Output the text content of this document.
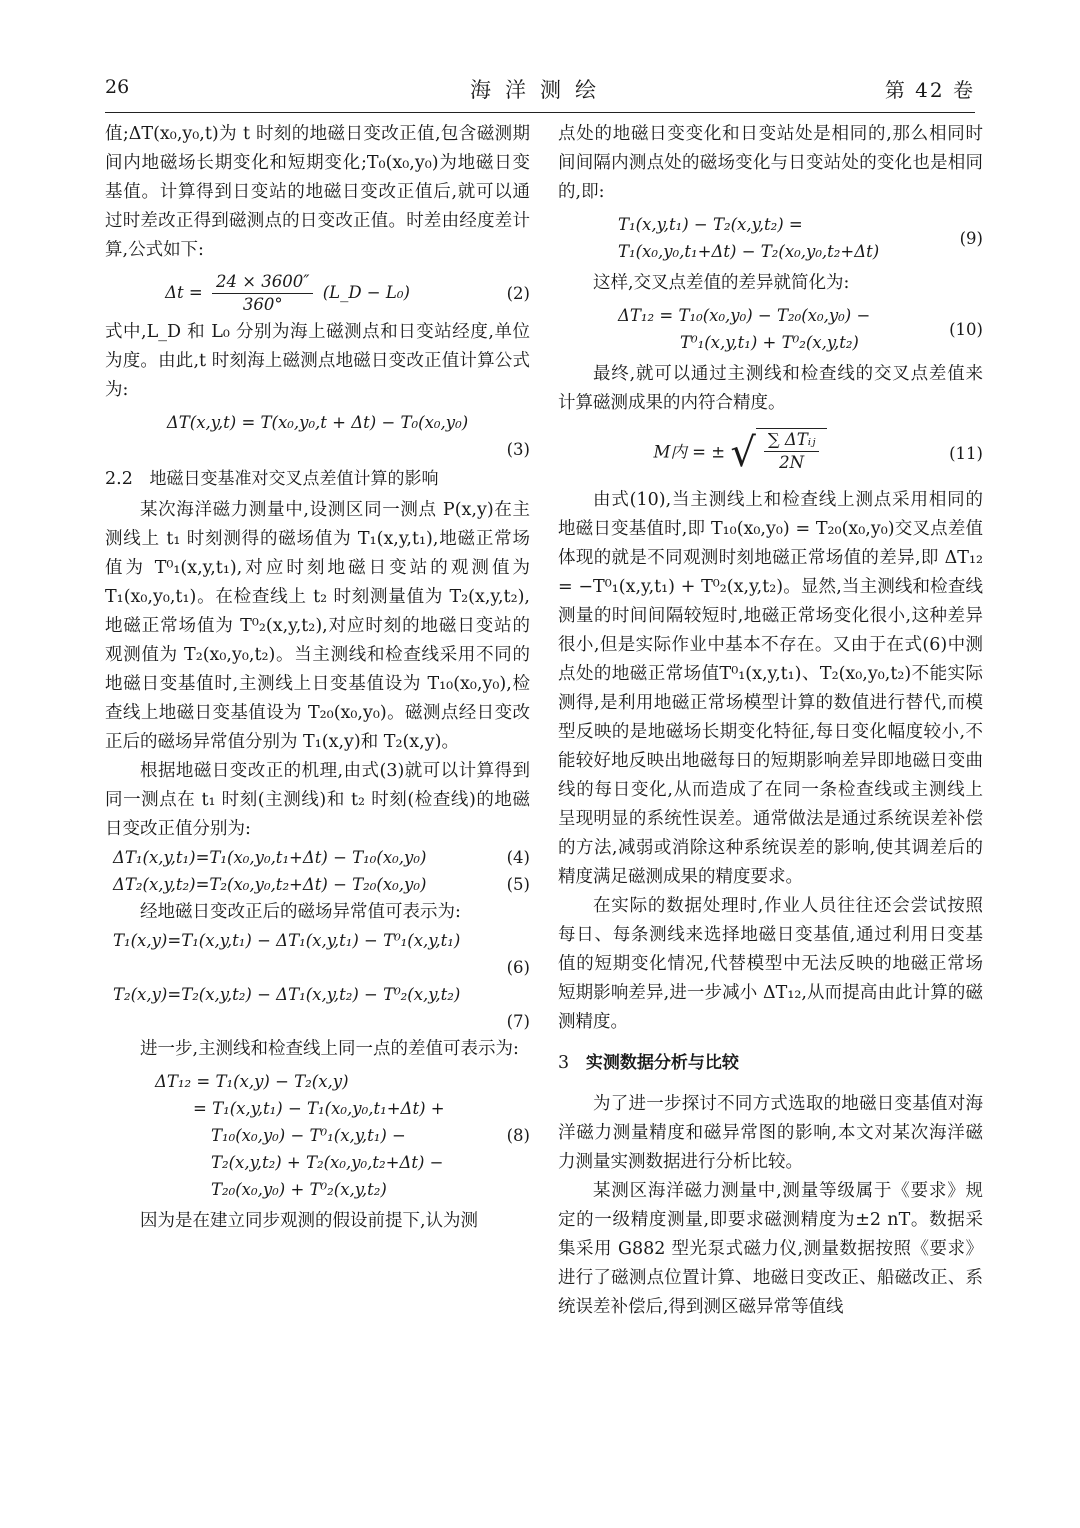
26	海洋测绘	第 42 卷

值;ΔT(x₀,y₀,t)为 t 时刻的地磁日变改正值,包含磁测期间内地磁场长期变化和短期变化;T₀(x₀,y₀)为地磁日变基值。计算得到日变站的地磁日变改正值后,就可以通过时差改正得到磁测点的日变改正值。时差由经度差计算,公式如下:

$\Delta t = \frac{24 \times 3600''}{360^\circ}$ (L_D − L₀)	(2)

式中,L_D 和 L₀ 分别为海上磁测点和日变站经度,单位为度。由此,t 时刻海上磁测点地磁日变改正值计算公式为:

ΔT(x,y,t) = T(x₀,y₀,t + Δt) − T₀(x₀,y₀)
(3)
2.2 地磁日变基准对交叉点差值计算的影响

某次海洋磁力测量中,设测区同一测点 P(x,y)在主测线上 t₁ 时刻测得的磁场值为 T₁(x,y,t₁),地磁正常场值为 T⁰₁(x,y,t₁),对应时刻地磁日变站的观测值为 T₁(x₀,y₀,t₁)。在检查线上 t₂ 时刻测量值为 T₂(x,y,t₂),地磁正常场值为 T⁰₂(x,y,t₂),对应时刻的地磁日变站的观测值为 T₂(x₀,y₀,t₂)。当主测线和检查线采用不同的地磁日变基值时,主测线上日变基值设为 T₁₀(x₀,y₀),检查线上地磁日变基值设为 T₂₀(x₀,y₀)。磁测点经日变改正后的磁场异常值分别为 T₁(x,y)和 T₂(x,y)。

根据地磁日变改正的机理,由式(3)就可以计算得到同一测点在 t₁ 时刻(主测线)和 t₂ 时刻(检查线)的地磁日变改正值分别为:

ΔT₁(x,y,t₁)=T₁(x₀,y₀,t₁+Δt) − T₁₀(x₀,y₀)	(4)
ΔT₂(x,y,t₂)=T₂(x₀,y₀,t₂+Δt) − T₂₀(x₀,y₀)	(5)

经地磁日变改正后的磁场异常值可表示为:

T₁(x,y)=T₁(x,y,t₁) − ΔT₁(x,y,t₁) − T⁰₁(x,y,t₁)
(6)
T₂(x,y)=T₂(x,y,t₂) − ΔT₁(x,y,t₂) − T⁰₂(x,y,t₂)
(7)

进一步,主测线和检查线上同一点的差值可表示为:

ΔT₁₂ = T₁(x,y) − T₂(x,y)
= T₁(x,y,t₁) − T₁(x₀,y₀,t₁+Δt) +
T₁₀(x₀,y₀) − T⁰₁(x,y,t₁) −
T₂(x,y,t₂) + T₂(x₀,y₀,t₂+Δt) −
T₂₀(x₀,y₀) + T⁰₂(x,y,t₂)
(8)

因为是在建立同步观测的假设前提下,认为测

点处的地磁日变变化和日变站处是相同的,那么相同时间间隔内测点处的磁场变化与日变站处的变化也是相同的,即:

T₁(x,y,t₁) − T₂(x,y,t₂) =
T₁(x₀,y₀,t₁+Δt) − T₂(x₀,y₀,t₂+Δt)
(9)

这样,交叉点差值的差异就简化为:

ΔT₁₂ = T₁₀(x₀,y₀) − T₂₀(x₀,y₀) −
T⁰₁(x,y,t₁) + T⁰₂(x,y,t₂)
(10)

最终,就可以通过主测线和检查线的交叉点差值来计算磁测成果的内符合精度。

M内 = ± √ $\frac{\text{∑ ΔTᵢⱼ}}{2N}$	(11)

由式(10),当主测线上和检查线上测点采用相同的地磁日变基值时,即 T₁₀(x₀,y₀) = T₂₀(x₀,y₀)交叉点差值体现的就是不同观测时刻地磁正常场值的差异,即 ΔT₁₂ = −T⁰₁(x,y,t₁) + T⁰₂(x,y,t₂)。显然,当主测线和检查线测量的时间间隔较短时,地磁正常场变化很小,这种差异很小,但是实际作业中基本不存在。又由于在式(6)中测点处的地磁正常场值T⁰₁(x,y,t₁)、T₂(x₀,y₀,t₂)不能实际测得,是利用地磁正常场模型计算的数值进行替代,而模型反映的是地磁场长期变化特征,每日变化幅度较小,不能较好地反映出地磁每日的短期影响差异即地磁日变曲线的每日变化,从而造成了在同一条检查线或主测线上呈现明显的系统性误差。通常做法是通过系统误差补偿的方法,减弱或消除这种系统误差的影响,使其调差后的精度满足磁测成果的精度要求。

在实际的数据处理时,作业人员往往还会尝试按照每日、每条测线来选择地磁日变基值,通过利用日变基值的短期变化情况,代替模型中无法反映的地磁正常场短期影响差异,进一步减小 ΔT₁₂,从而提高由此计算的磁测精度。

3 实测数据分析与比较

为了进一步探讨不同方式选取的地磁日变基值对海洋磁力测量精度和磁异常图的影响,本文对某次海洋磁力测量实测数据进行分析比较。

某测区海洋磁力测量中,测量等级属于《要求》规定的一级精度测量,即要求磁测精度为±2 nT。数据采集采用 G882 型光泵式磁力仪,测量数据按照《要求》进行了磁测点位置计算、地磁日变改正、船磁改正、系统误差补偿后,得到测区磁异常等值线
